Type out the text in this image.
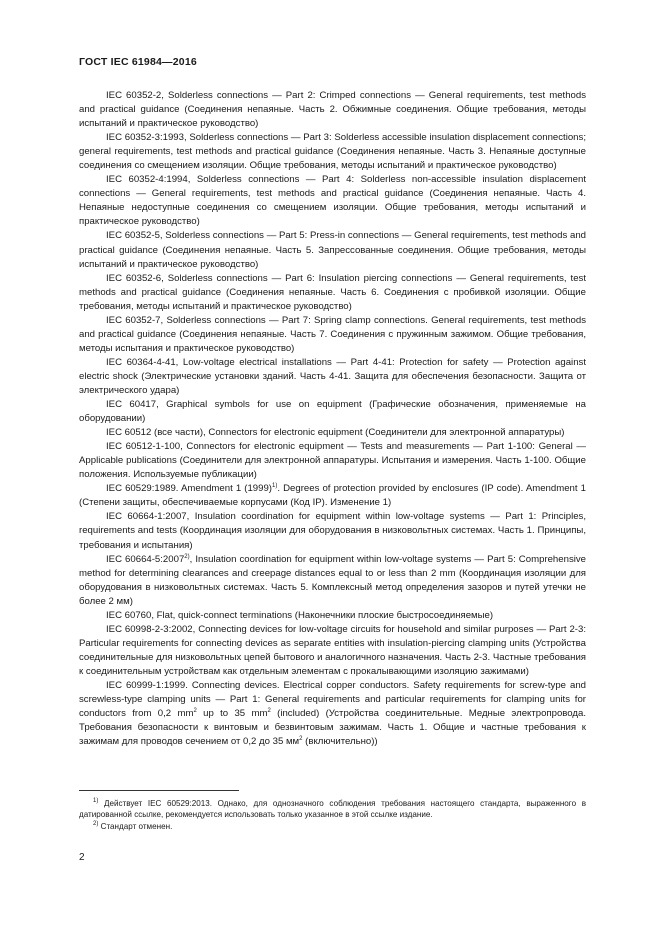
ГОСТ IEC 61984—2016

IEC 60352-2, Solderless connections — Part 2: Crimped connections — General requirements, test methods and practical guidance (Соединения непаяные. Часть 2. Обжимные соединения. Общие требования, методы испытаний и практическое руководство)

IEC 60352-3:1993, Solderless connections — Part 3: Solderless accessible insulation displacement connections; general requirements, test methods and practical guidance (Соединения непаяные. Часть 3. Непаяные доступные соединения со смещением изоляции. Общие требования, методы испытаний и практическое руководство)

IEC 60352-4:1994, Solderless connections — Part 4: Solderless non-accessible insulation displacement connections — General requirements, test methods and practical guidance (Соединения непаяные. Часть 4. Непаяные недоступные соединения со смещением изоляции. Общие требования, методы испытаний и практическое руководство)

IEC 60352-5, Solderless connections — Part 5: Press-in connections — General requirements, test methods and practical guidance (Соединения непаяные. Часть 5. Запрессованные соединения. Общие требования, методы испытаний и практическое руководство)

IEC 60352-6, Solderless connections — Part 6: Insulation piercing connections — General requirements, test methods and practical guidance (Соединения непаяные. Часть 6. Соединения с пробивкой изоляции. Общие требования, методы испытаний и практическое руководство)

IEC 60352-7, Solderless connections — Part 7: Spring clamp connections. General requirements, test methods and practical guidance (Соединения непаяные. Часть 7. Соединения с пружинным зажимом. Общие требования, методы испытания и практическое руководство)

IEC 60364-4-41, Low-voltage electrical installations — Part 4-41: Protection for safety — Protection against electric shock (Электрические установки зданий. Часть 4-41. Защита для обеспечения безопасности. Защита от электрического удара)

IEC 60417, Graphical symbols for use on equipment (Графические обозначения, применяемые на оборудовании)

IEC 60512 (все части), Connectors for electronic equipment (Соединители для электронной аппаратуры)

IEC 60512-1-100, Connectors for electronic equipment — Tests and measurements — Part 1-100: General — Applicable publications (Соединители для электронной аппаратуры. Испытания и измерения. Часть 1-100. Общие положения. Используемые публикации)

IEC 60529:1989. Amendment 1 $(1999)^{1)}$. Degrees of protection provided by enclosures (IP code). Amendment 1 (Степени защиты, обеспечиваемые корпусами (Код IP). Изменение 1)

IEC 60664-1:2007, Insulation coordination for equipment within low-voltage systems — Part 1: Principles, requirements and tests (Координация изоляции для оборудования в низковольтных системах. Часть 1. Принципы, требования и испытания)

IEC 60664-5:2007$^{2)}$, Insulation coordination for equipment within low-voltage systems — Part 5: Comprehensive method for determining clearances and creepage distances equal to or less than 2 mm (Координация изоляции для оборудования в низковольтных системах. Часть 5. Комплексный метод определения зазоров и путей утечки не более 2 мм)

IEC 60760, Flat, quick-connect terminations (Наконечники плоские быстросоединяемые)

IEC 60998-2-3:2002, Connecting devices for low-voltage circuits for household and similar purposes — Part 2-3: Particular requirements for connecting devices as separate entities with insulation-piercing clamping units (Устройства соединительные для низковольтных цепей бытового и аналогичного назначения. Часть 2-3. Частные требования к соединительным устройствам как отдельным элементам с прокалывающими изоляцию зажимами)

IEC 60999-1:1999. Connecting devices. Electrical copper conductors. Safety requirements for screw-type and screwless-type clamping units — Part 1: General requirements and particular requirements for clamping units for conductors from 0,2 $mm^2$ up to 35 $mm^2$ (included) (Устройства соединительные. Медные электропровода. Требования безопасности к винтовым и безвинтовым зажимам. Часть 1. Общие и частные требования к зажимам для проводов сечением от 0,2 до 35 $мм^2$ (включительно))

$^{1)}$ Действует IEC 60529:2013. Однако, для однозначного соблюдения требования настоящего стандарта, выраженного в датированной ссылке, рекомендуется использовать только указанное в этой ссылке издание.

$^{2)}$ Стандарт отменен.

2
